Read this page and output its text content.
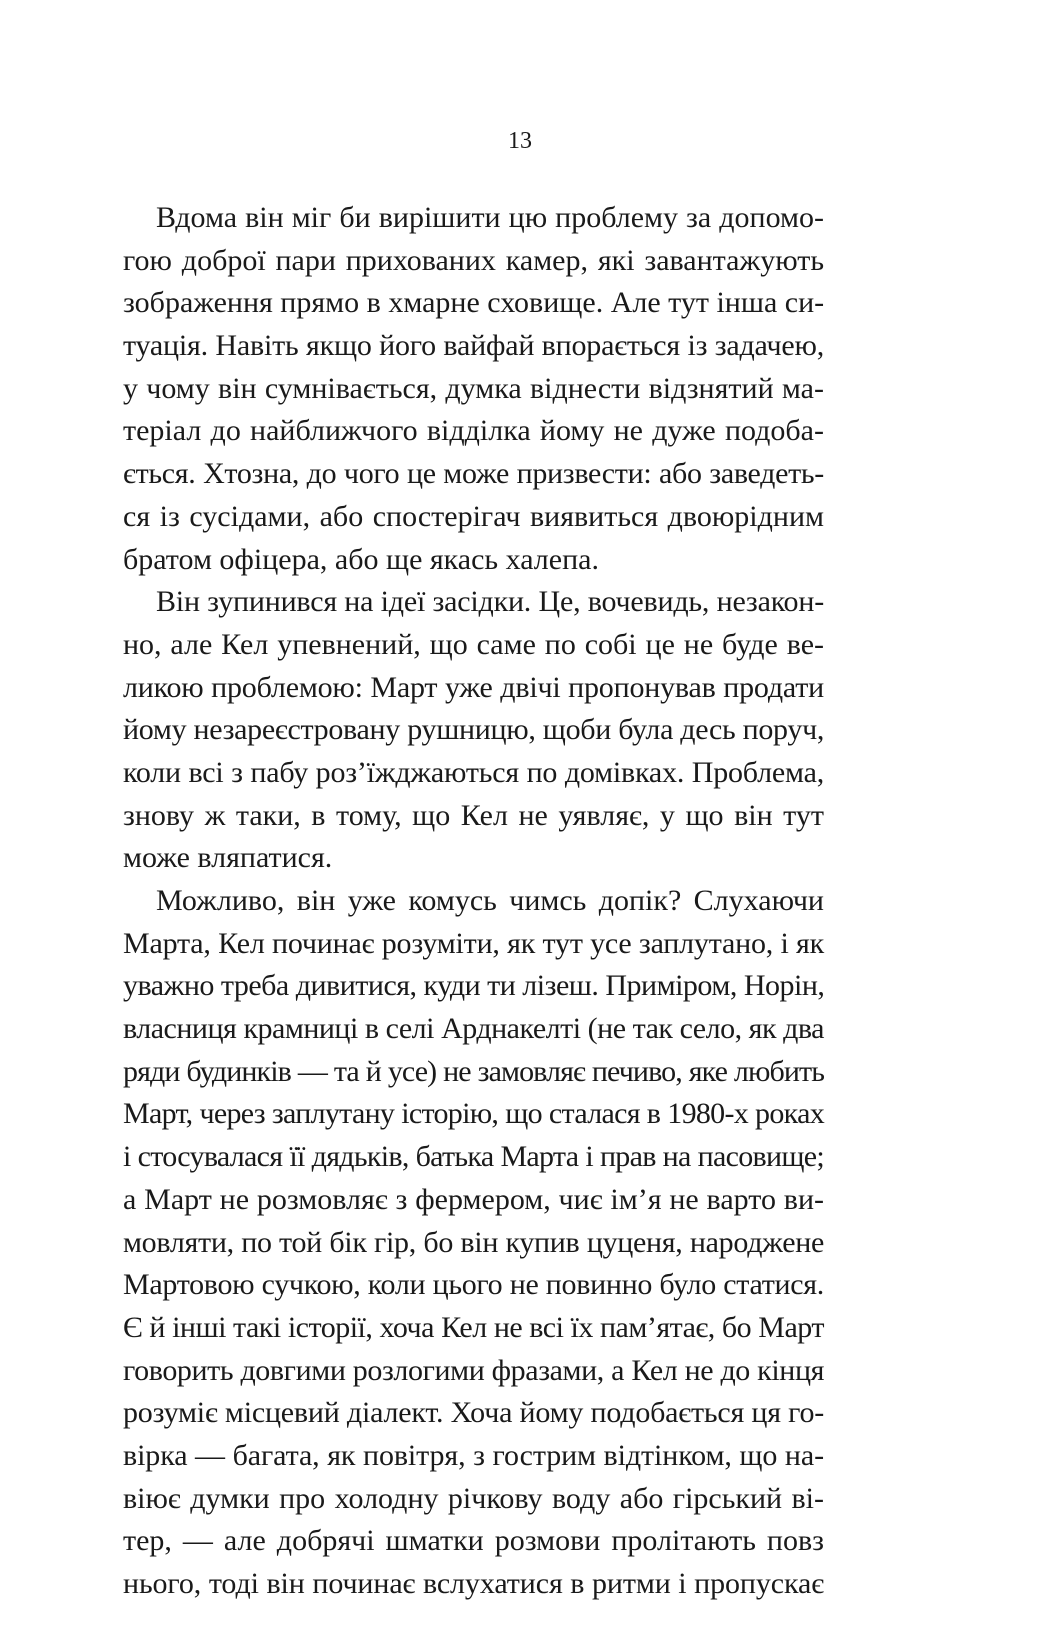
13
Вдома він міг би вирішити цю проблему за допомо-
гою доброї пари прихованих камер, які завантажують
зображення прямо в хмарне сховище. Але тут інша си-
туація. Навіть якщо його вайфай впорається із задачею,
у чому він сумнівається, думка віднести відзнятий ма-
теріал до найближчого відділка йому не дуже подоба-
ється. Хтозна, до чого це може призвести: або заведеть-
ся із сусідами, або спостерігач виявиться двоюрідним
братом офіцера, або ще якась халепа.
Він зупинився на ідеї засідки. Це, вочевидь, незакон-
но, але Кел упевнений, що саме по собі це не буде ве-
ликою проблемою: Март уже двічі пропонував продати
йому незареєстровану рушницю, щоби була десь поруч,
коли всі з пабу роз’їжджаються по домівках. Проблема,
знову ж таки, в тому, що Кел не уявляє, у що він тут
може вляпатися.
Можливо, він уже комусь чимсь допік? Слухаючи
Марта, Кел починає розуміти, як тут усе заплутано, і як
уважно треба дивитися, куди ти лізеш. Приміром, Норін,
власниця крамниці в селі Арднакелті (не так село, як два
ряди будинків — та й усе) не замовляє печиво, яке любить
Март, через заплутану історію, що сталася в 1980-х роках
і стосувалася її дядьків, батька Марта і прав на пасовище;
а Март не розмовляє з фермером, чиє ім’я не варто ви-
мовляти, по той бік гір, бо він купив цуценя, народжене
Мартовою сучкою, коли цього не повинно було статися.
Є й інші такі історії, хоча Кел не всі їх пам’ятає, бо Март
говорить довгими розлогими фразами, а Кел не до кінця
розуміє місцевий діалект. Хоча йому подобається ця го-
вірка — багата, як повітря, з гострим відтінком, що на-
віює думки про холодну річкову воду або гірський ві-
тер, — але добрячі шматки розмови пролітають повз
нього, тоді він починає вслухатися в ритми і пропускає
